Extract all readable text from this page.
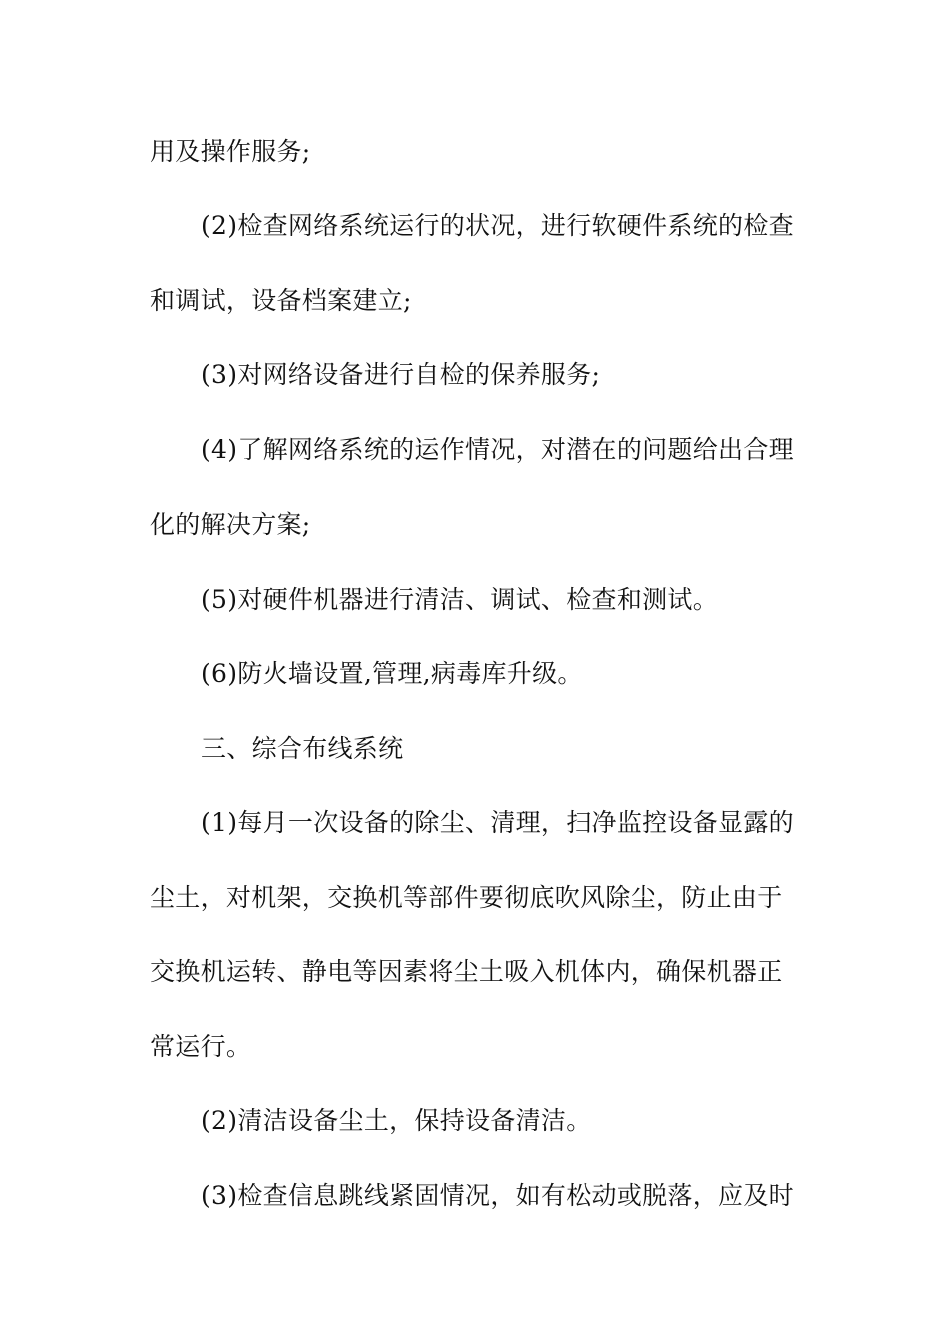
用及操作服务;
(2)检查网络系统运行的状况，进行软硬件系统的检查
和调试，设备档案建立;
(3)对网络设备进行自检的保养服务;
(4)了解网络系统的运作情况，对潜在的问题给出合理
化的解决方案;
(5)对硬件机器进行清洁、调试、检查和测试。
(6)防火墙设置,管理,病毒库升级。
三、综合布线系统
(1)每月一次设备的除尘、清理，扫净监控设备显露的
尘土，对机架，交换机等部件要彻底吹风除尘，防止由于
交换机运转、静电等因素将尘土吸入机体内，确保机器正
常运行。
(2)清洁设备尘土，保持设备清洁。
(3)检查信息跳线紧固情况，如有松动或脱落，应及时
